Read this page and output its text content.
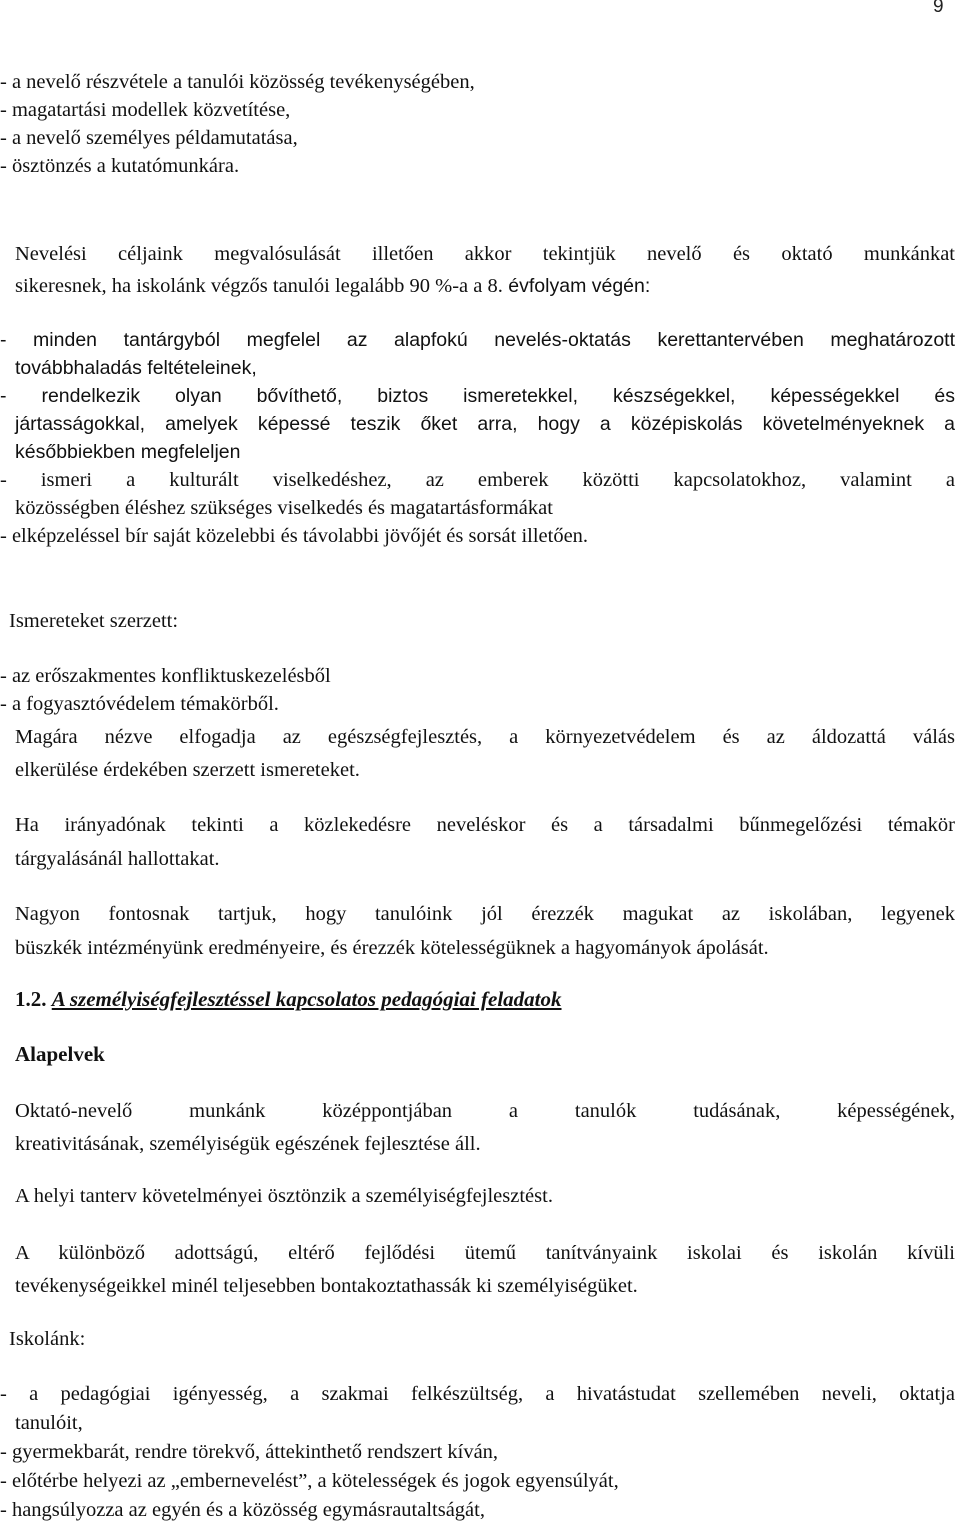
9
- a nevelő részvétele a tanulói közösség tevékenységében,
- magatartási modellek közvetítése,
- a nevelő személyes példamutatása,
- ösztönzés a kutatómunkára.
Nevelési céljaink megvalósulását illetően akkor tekintjük nevelő és oktató munkánkat
sikeresnek, ha iskolánk végzős tanulói legalább 90 %-a a 8. évfolyam végén:
- minden tantárgyból megfelel az alapfokú nevelés-oktatás kerettantervében meghatározott
továbbhaladás feltételeinek,
- rendelkezik olyan bővíthető, biztos ismeretekkel, készségekkel, képességekkel és
jártasságokkal, amelyek képessé teszik őket arra, hogy a középiskolás követelményeknek a
későbbiekben megfeleljen
- ismeri a kulturált viselkedéshez, az emberek közötti kapcsolatokhoz, valamint a
közösségben éléshez szükséges viselkedés és magatartásformákat
- elképzeléssel bír saját közelebbi és távolabbi jövőjét és sorsát illetően.
Ismereteket szerzett:
- az erőszakmentes konfliktuskezelésből
- a fogyasztóvédelem témakörből.
Magára nézve elfogadja az egészségfejlesztés, a környezetvédelem és az áldozattá válás
elkerülése érdekében szerzett ismereteket.
Ha irányadónak tekinti a közlekedésre neveléskor és a társadalmi bűnmegelőzési témakör
tárgyalásánál hallottakat.
Nagyon fontosnak tartjuk, hogy tanulóink jól érezzék magukat az iskolában, legyenek
büszkék intézményünk eredményeire, és érezzék kötelességüknek a hagyományok ápolását.
1.2. A személyiségfejlesztéssel kapcsolatos pedagógiai feladatok
Alapelvek
Oktató-nevelő munkánk középpontjában a tanulók tudásának, képességének,
kreativitásának, személyiségük egészének fejlesztése áll.
A helyi tanterv követelményei ösztönzik a személyiségfejlesztést.
A különböző adottságú, eltérő fejlődési ütemű tanítványaink iskolai és iskolán kívüli
tevékenységeikkel minél teljesebben bontakoztathassák ki személyiségüket.
Iskolánk:
- a pedagógiai igényesség, a szakmai felkészültség, a hivatástudat szellemében neveli, oktatja
tanulóit,
- gyermekbarát, rendre törekvő, áttekinthető rendszert kíván,
- előtérbe helyezi az „embernevelést”, a kötelességek és jogok egyensúlyát,
- hangsúlyozza az egyén és a közösség egymásrautaltságát,
